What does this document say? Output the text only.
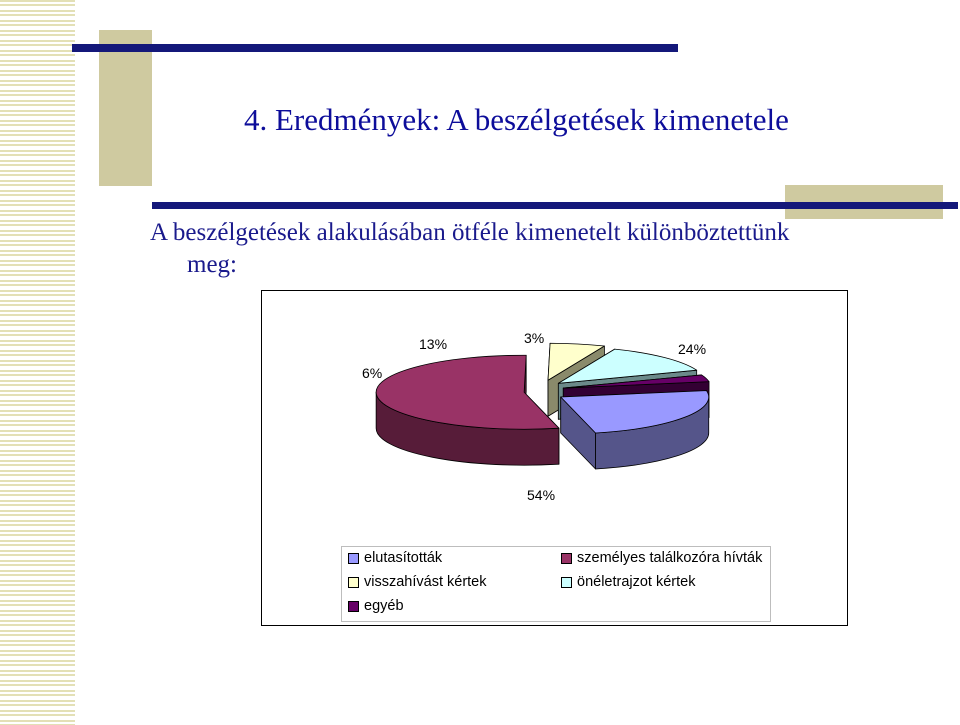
4. Eredmények: A beszélgetések kimenetele
A beszélgetések alakulásában ötféle kimenetelt különböztettünk
meg:
24%
54%
6%
13%	3%
elutasították	személyes találkozóra hívták
visszahívást kértek	önéletrajzot kértek
egyéb
